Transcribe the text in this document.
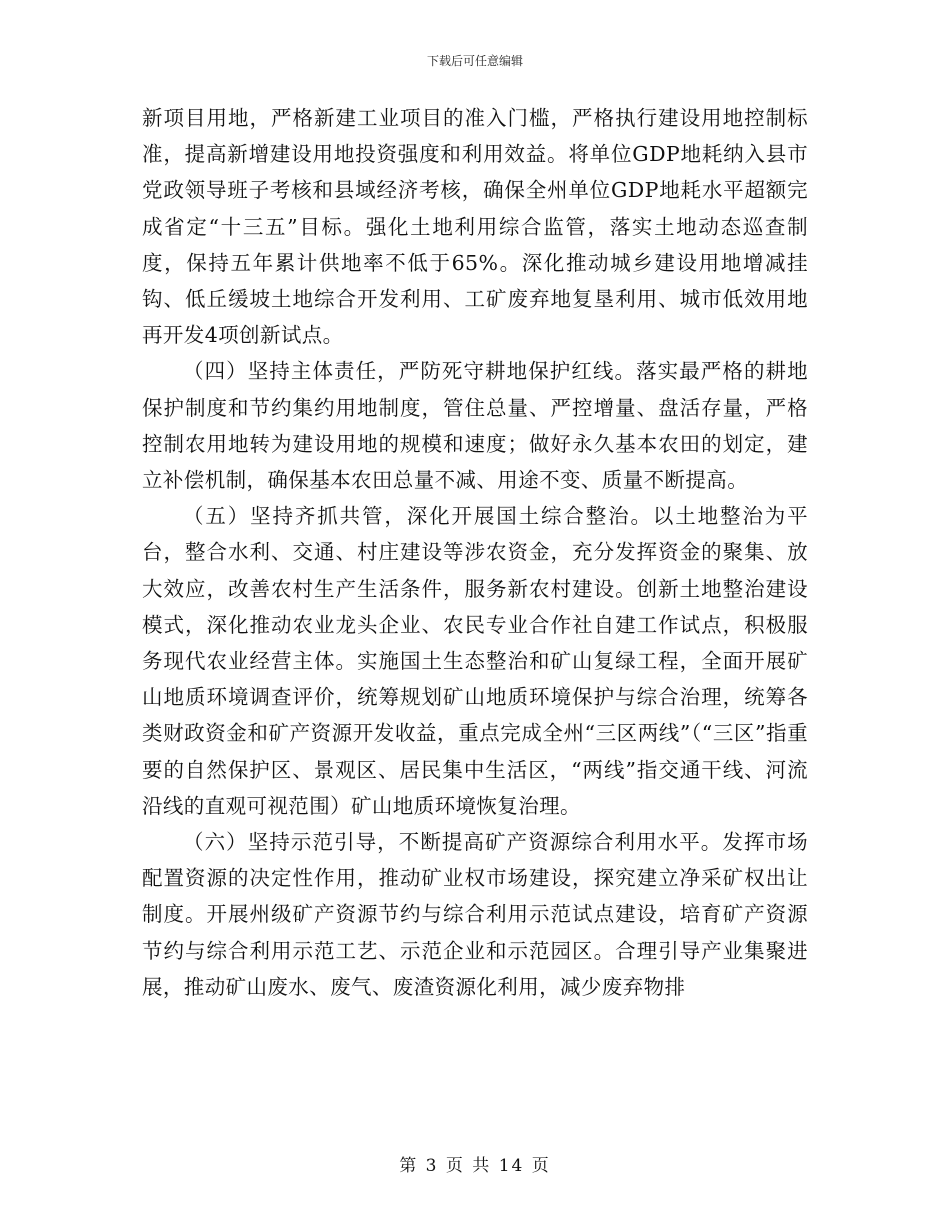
下载后可任意编辑

新项目用地，严格新建工业项目的准入门槛，严格执行建设用地控制标准，提高新增建设用地投资强度和利用效益。将单位GDP地耗纳入县市党政领导班子考核和县域经济考核，确保全州单位GDP地耗水平超额完成省定“十三五”目标。强化土地利用综合监管，落实土地动态巡查制度，保持五年累计供地率不低于65%。深化推动城乡建设用地增减挂钩、低丘缓坡土地综合开发利用、工矿废弃地复垦利用、城市低效用地再开发4项创新试点。

（四）坚持主体责任，严防死守耕地保护红线。落实最严格的耕地保护制度和节约集约用地制度，管住总量、严控增量、盘活存量，严格控制农用地转为建设用地的规模和速度；做好永久基本农田的划定，建立补偿机制，确保基本农田总量不减、用途不变、质量不断提高。

（五）坚持齐抓共管，深化开展国土综合整治。以土地整治为平台，整合水利、交通、村庄建设等涉农资金，充分发挥资金的聚集、放大效应，改善农村生产生活条件，服务新农村建设。创新土地整治建设模式，深化推动农业龙头企业、农民专业合作社自建工作试点，积极服务现代农业经营主体。实施国土生态整治和矿山复绿工程，全面开展矿山地质环境调查评价，统筹规划矿山地质环境保护与综合治理，统筹各类财政资金和矿产资源开发收益，重点完成全州“三区两线”（“三区”指重要的自然保护区、景观区、居民集中生活区，“两线”指交通干线、河流沿线的直观可视范围）矿山地质环境恢复治理。

（六）坚持示范引导，不断提高矿产资源综合利用水平。发挥市场配置资源的决定性作用，推动矿业权市场建设，探究建立净采矿权出让制度。开展州级矿产资源节约与综合利用示范试点建设，培育矿产资源节约与综合利用示范工艺、示范企业和示范园区。合理引导产业集聚进展，推动矿山废水、废气、废渣资源化利用，减少废弃物排

第 3 页 共 14 页
